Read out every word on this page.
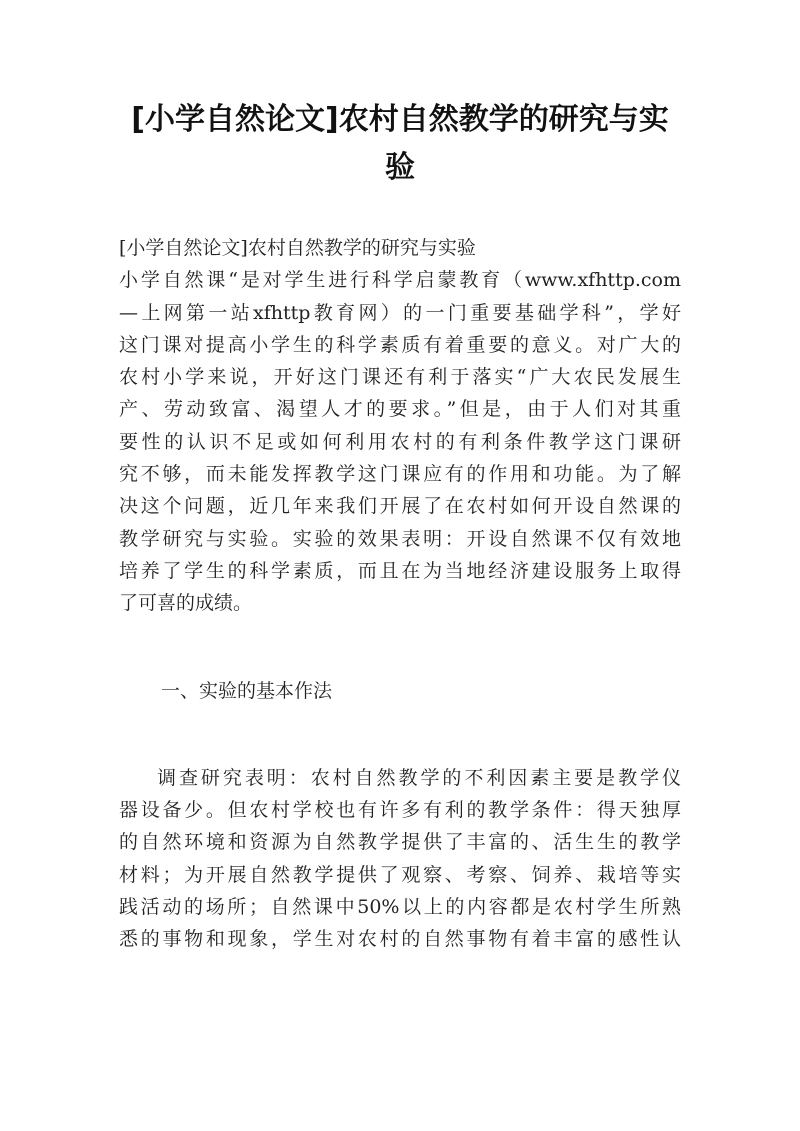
[小学自然论文]农村自然教学的研究与实
验
[小学自然论文]农村自然教学的研究与实验
小学自然课“是对学生进行科学启蒙教育（www.xfhttp.com
—上网第一站xfhttp教育网）的一门重要基础学科”，学好
这门课对提高小学生的科学素质有着重要的意义。对广大的
农村小学来说，开好这门课还有利于落实“广大农民发展生
产、劳动致富、渴望人才的要求。”但是，由于人们对其重
要性的认识不足或如何利用农村的有利条件教学这门课研
究不够，而未能发挥教学这门课应有的作用和功能。为了解
决这个问题，近几年来我们开展了在农村如何开设自然课的
教学研究与实验。实验的效果表明：开设自然课不仅有效地
培养了学生的科学素质，而且在为当地经济建设服务上取得
了可喜的成绩。
一、实验的基本作法
调查研究表明：农村自然教学的不利因素主要是教学仪
器设备少。但农村学校也有许多有利的教学条件：得天独厚
的自然环境和资源为自然教学提供了丰富的、活生生的教学
材料；为开展自然教学提供了观察、考察、饲养、栽培等实
践活动的场所；自然课中50%以上的内容都是农村学生所熟
悉的事物和现象，学生对农村的自然事物有着丰富的感性认
